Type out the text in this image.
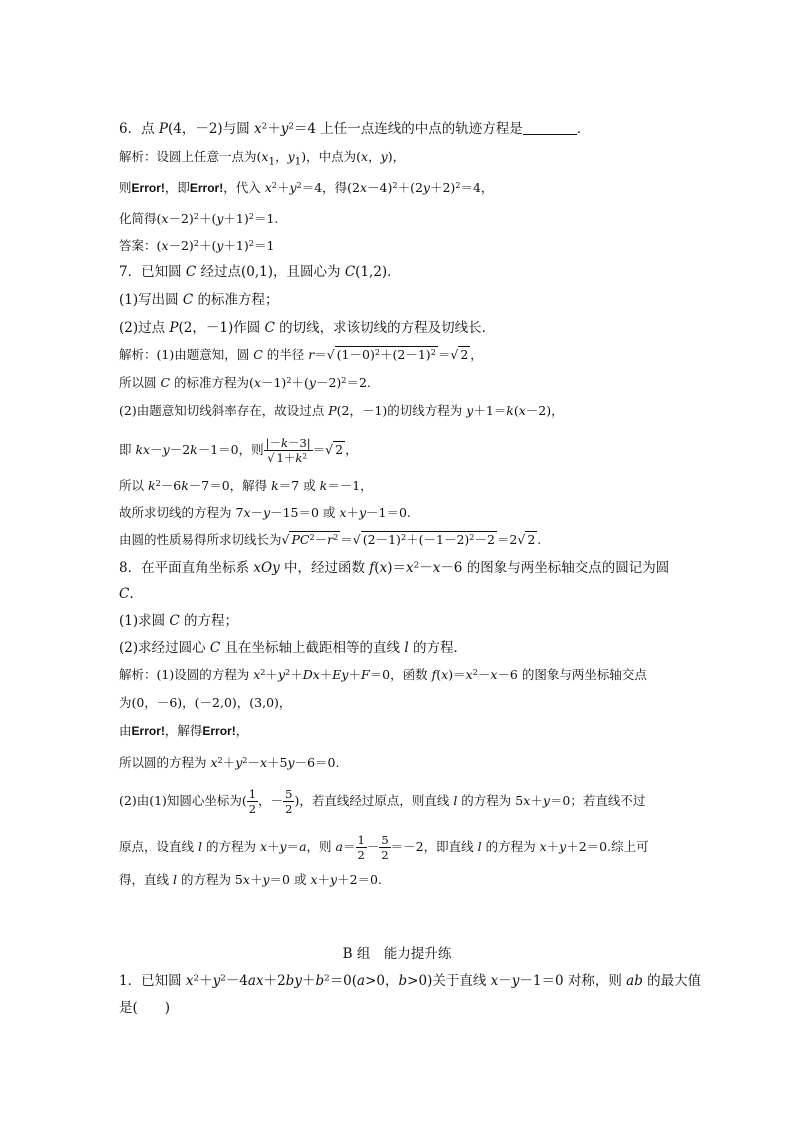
6．点 P(4，－2)与圆 $x^2+y^2=4$ 上任一点连线的中点的轨迹方程是	．
解析：设圆上任意一点为($x_1$，$y_1$)，中点为(x，y)，
则Error!，即Error!，代入 $x^2+y^2=4$，得$(2x-4)^2+(2y+2)^2=4$，
化简得$(x-2)^2+(y+1)^2=1$.
答案：$(x-2)^2+(y+1)^2=1$
7．已知圆 C 经过点(0,1)，且圆心为 C(1,2)．
(1)写出圆 C 的标准方程；
(2)过点 P(2，－1)作圆 C 的切线，求该切线的方程及切线长．
解析：(1)由题意知，圆 C 的半径 r＝√ $(1-0)^2+(2-1)^2$ ＝√ 2 ，
所以圆 C 的标准方程为$(x-1)^2+(y-2)^2=2$.
(2)由题意知切线斜率存在，故设过点 P(2，－1)的切线方程为 y＋1＝k(x－2)，
即 kx－y－2k－1＝0，则 $\frac{|-k-3|}{√ 1+k^2}$ ＝√ 2 ，
所以 $k^2-6k-7=0$，解得 k＝7 或 k＝－1，
故所求切线的方程为 7x－y－15＝0 或 x＋y－1＝0.
由圆的性质易得所求切线长为√ $PC^2-r^2$ ＝√ $(2-1)^2+(-1-2)^2-2 =2√$ 2 .
8．在平面直角坐标系 xOy 中，经过函数 $f(x)=x^2-x-6$ 的图象与两坐标轴交点的圆记为圆
C.
(1)求圆 C 的方程；
(2)求经过圆心 C 且在坐标轴上截距相等的直线 l 的方程．
解析：(1)设圆的方程为 $x^2+y^2+Dx+Ey+F=0$，函数 $f(x)=x^2-x-6$ 的图象与两坐标轴交点
为(0，－6)，(－2,0)，(3,0)，
由Error!，解得Error!，
所以圆的方程为 $x^2+y^2-x+5y-6=0$.
(2)由(1)知圆心坐标为( $\frac{1}{2}$ ，－ $\frac{5}{2}$ )，若直线经过原点，则直线 l 的方程为 5x＋y＝0；若直线不过
原点，设直线 l 的方程为 x＋y＝a，则 $a= \frac{1}{2} - \frac{5}{2} =-2$，即直线 l 的方程为 x＋y＋2＝0.综上可
得，直线 l 的方程为 5x＋y＝0 或 x＋y＋2＝0.
B 组　能力提升练
1．已知圆 $x^2+y^2-4ax+2by+b^2=0(a>0$，b>0)关于直线 x－y－1＝0 对称，则 ab 的最大值
是(　　)
